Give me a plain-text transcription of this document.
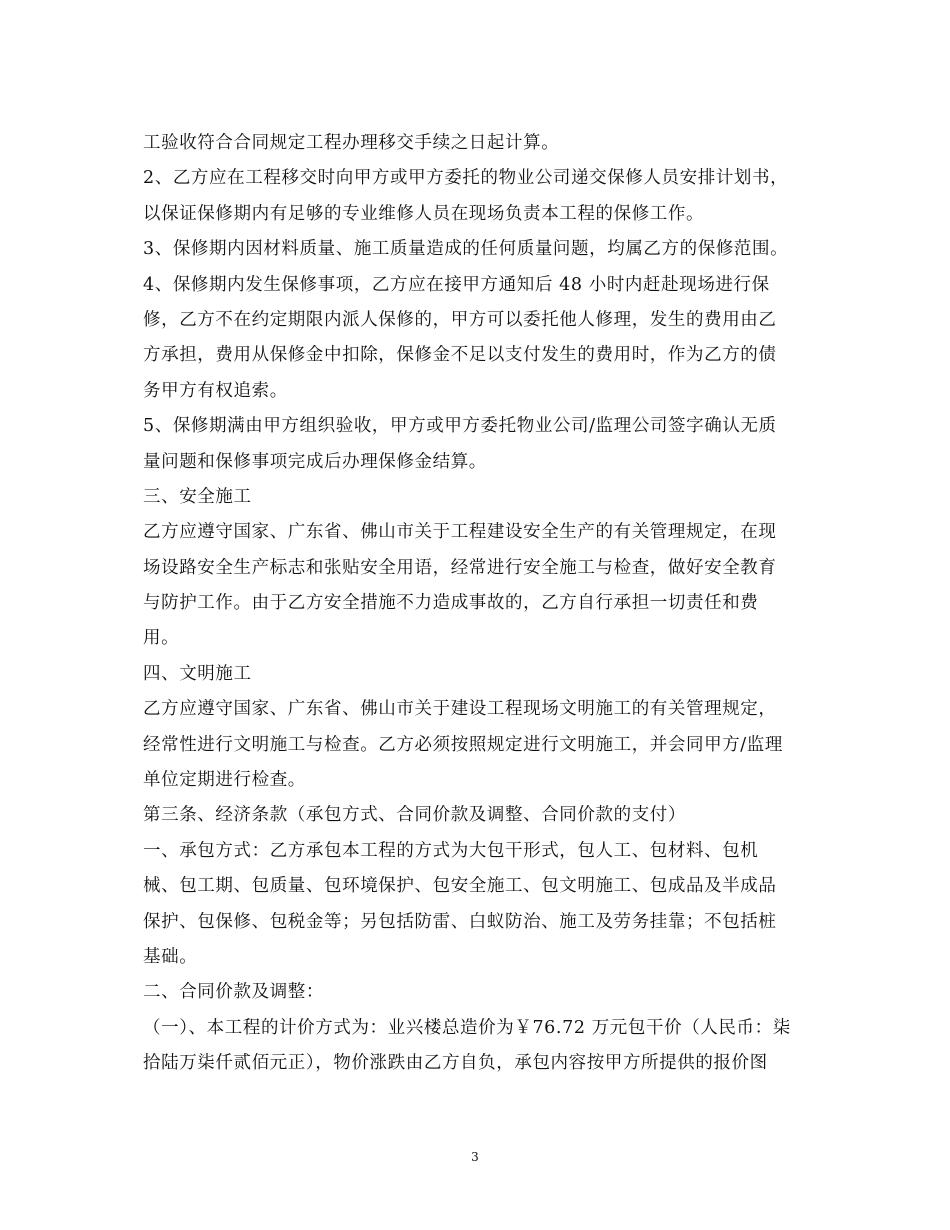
工验收符合合同规定工程办理移交手续之日起计算。
2、乙方应在工程移交时向甲方或甲方委托的物业公司递交保修人员安排计划书，
以保证保修期内有足够的专业维修人员在现场负责本工程的保修工作。
3、保修期内因材料质量、施工质量造成的任何质量问题，均属乙方的保修范围。
4、保修期内发生保修事项，乙方应在接甲方通知后 48 小时内赶赴现场进行保
修，乙方不在约定期限内派人保修的，甲方可以委托他人修理，发生的费用由乙
方承担，费用从保修金中扣除，保修金不足以支付发生的费用时，作为乙方的债
务甲方有权追索。
5、保修期满由甲方组织验收，甲方或甲方委托物业公司/监理公司签字确认无质
量问题和保修事项完成后办理保修金结算。
三、安全施工
乙方应遵守国家、广东省、佛山市关于工程建设安全生产的有关管理规定，在现
场设路安全生产标志和张贴安全用语，经常进行安全施工与检查，做好安全教育
与防护工作。由于乙方安全措施不力造成事故的，乙方自行承担一切责任和费
用。
四、文明施工
乙方应遵守国家、广东省、佛山市关于建设工程现场文明施工的有关管理规定，
经常性进行文明施工与检查。乙方必须按照规定进行文明施工，并会同甲方/监理
单位定期进行检查。
第三条、经济条款（承包方式、合同价款及调整、合同价款的支付）
一、承包方式：乙方承包本工程的方式为大包干形式，包人工、包材料、包机
械、包工期、包质量、包环境保护、包安全施工、包文明施工、包成品及半成品
保护、包保修、包税金等；另包括防雷、白蚁防治、施工及劳务挂靠；不包括桩
基础。
二、合同价款及调整：
（一）、本工程的计价方式为：业兴楼总造价为￥76.72 万元包干价（人民币：柒
拾陆万柒仟贰佰元正），物价涨跌由乙方自负，承包内容按甲方所提供的报价图
3
